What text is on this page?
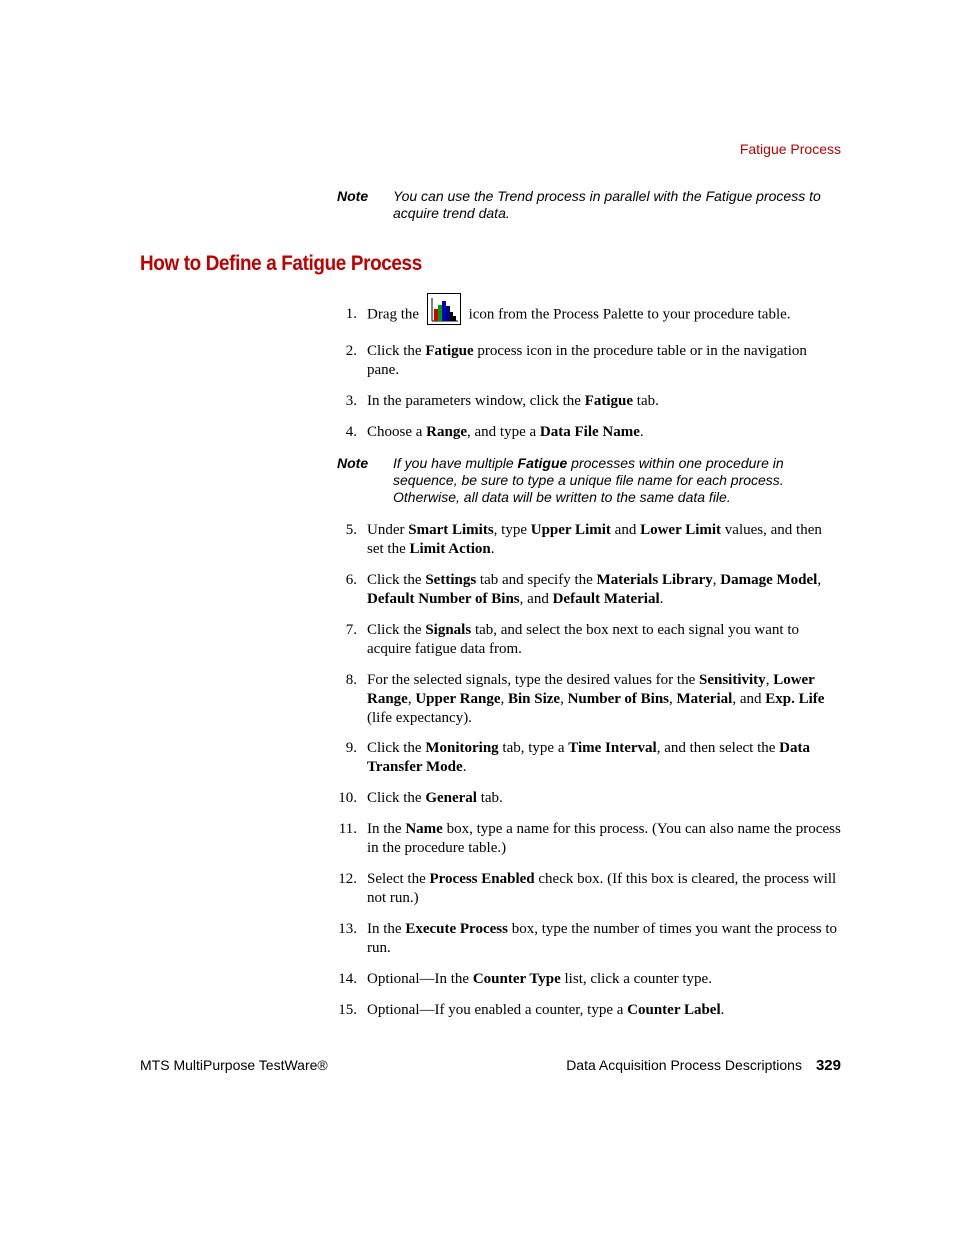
Fatigue Process
Note You can use the Trend process in parallel with the Fatigue process to acquire trend data.
How to Define a Fatigue Process
1. Drag the	icon from the Process Palette to your procedure table.
2. Click the Fatigue process icon in the procedure table or in the navigation pane.
3. In the parameters window, click the Fatigue tab.
4. Choose a Range, and type a Data File Name.
Note If you have multiple Fatigue processes within one procedure in sequence, be sure to type a unique file name for each process. Otherwise, all data will be written to the same data file.
5. Under Smart Limits, type Upper Limit and Lower Limit values, and then set the Limit Action.
6. Click the Settings tab and specify the Materials Library, Damage Model, Default Number of Bins, and Default Material.
7. Click the Signals tab, and select the box next to each signal you want to acquire fatigue data from.
8. For the selected signals, type the desired values for the Sensitivity, Lower Range, Upper Range, Bin Size, Number of Bins, Material, and Exp. Life (life expectancy).
9. Click the Monitoring tab, type a Time Interval, and then select the Data Transfer Mode.
10. Click the General tab.
11. In the Name box, type a name for this process. (You can also name the process in the procedure table.)
12. Select the Process Enabled check box. (If this box is cleared, the process will not run.)
13. In the Execute Process box, type the number of times you want the process to run.
14. Optional—In the Counter Type list, click a counter type.
15. Optional—If you enabled a counter, type a Counter Label.
MTS MultiPurpose TestWare®	Data Acquisition Process Descriptions 329
